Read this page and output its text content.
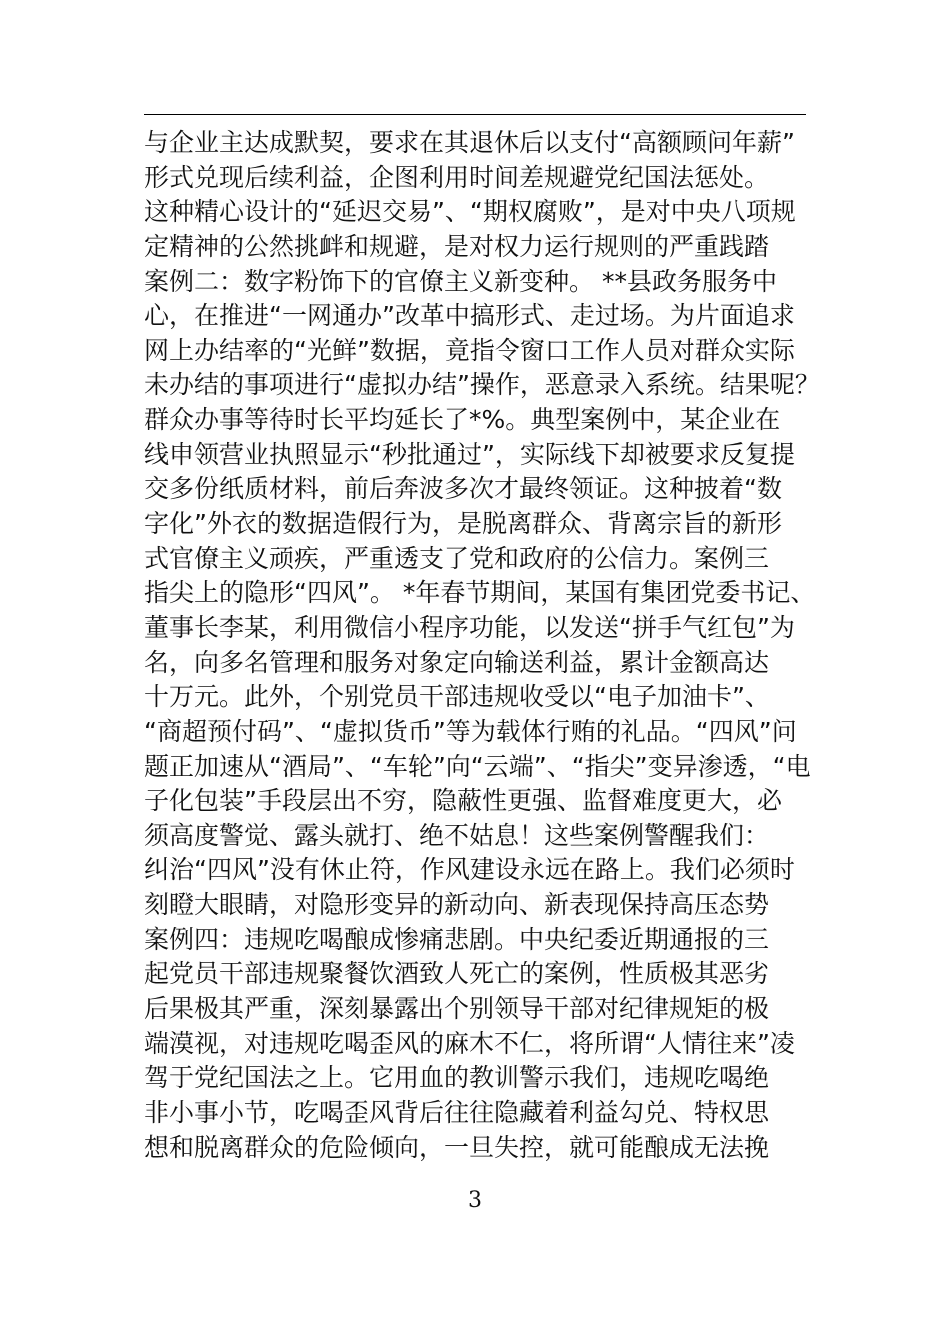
与企业主达成默契，要求在其退休后以支付“高额顾问年薪”
形式兑现后续利益，企图利用时间差规避党纪国法惩处。
这种精心设计的“延迟交易”、“期权腐败”，是对中央八项规
定精神的公然挑衅和规避，是对权力运行规则的严重践踏
案例二：数字粉饰下的官僚主义新变种。 **县政务服务中
心，在推进“一网通办”改革中搞形式、走过场。为片面追求
网上办结率的“光鲜”数据，竟指令窗口工作人员对群众实际
未办结的事项进行“虚拟办结”操作，恶意录入系统。结果呢？
群众办事等待时长平均延长了*%。典型案例中，某企业在
线申领营业执照显示“秒批通过”，实际线下却被要求反复提
交多份纸质材料，前后奔波多次才最终领证。这种披着“数
字化”外衣的数据造假行为，是脱离群众、背离宗旨的新形
式官僚主义顽疾，严重透支了党和政府的公信力。案例三
指尖上的隐形“四风”。 *年春节期间，某国有集团党委书记、
董事长李某，利用微信小程序功能，以发送“拼手气红包”为
名，向多名管理和服务对象定向输送利益，累计金额高达
十万元。此外，个别党员干部违规收受以“电子加油卡”、
“商超预付码”、“虚拟货币”等为载体行贿的礼品。“四风”问
题正加速从“酒局”、“车轮”向“云端”、“指尖”变异渗透，“电
子化包装”手段层出不穷，隐蔽性更强、监督难度更大，必
须高度警觉、露头就打、绝不姑息！这些案例警醒我们：
纠治“四风”没有休止符，作风建设永远在路上。我们必须时
刻瞪大眼睛，对隐形变异的新动向、新表现保持高压态势
案例四：违规吃喝酿成惨痛悲剧。中央纪委近期通报的三
起党员干部违规聚餐饮酒致人死亡的案例，性质极其恶劣
后果极其严重，深刻暴露出个别领导干部对纪律规矩的极
端漠视，对违规吃喝歪风的麻木不仁，将所谓“人情往来”凌
驾于党纪国法之上。它用血的教训警示我们，违规吃喝绝
非小事小节，吃喝歪风背后往往隐藏着利益勾兑、特权思
想和脱离群众的危险倾向，一旦失控，就可能酿成无法挽
3
